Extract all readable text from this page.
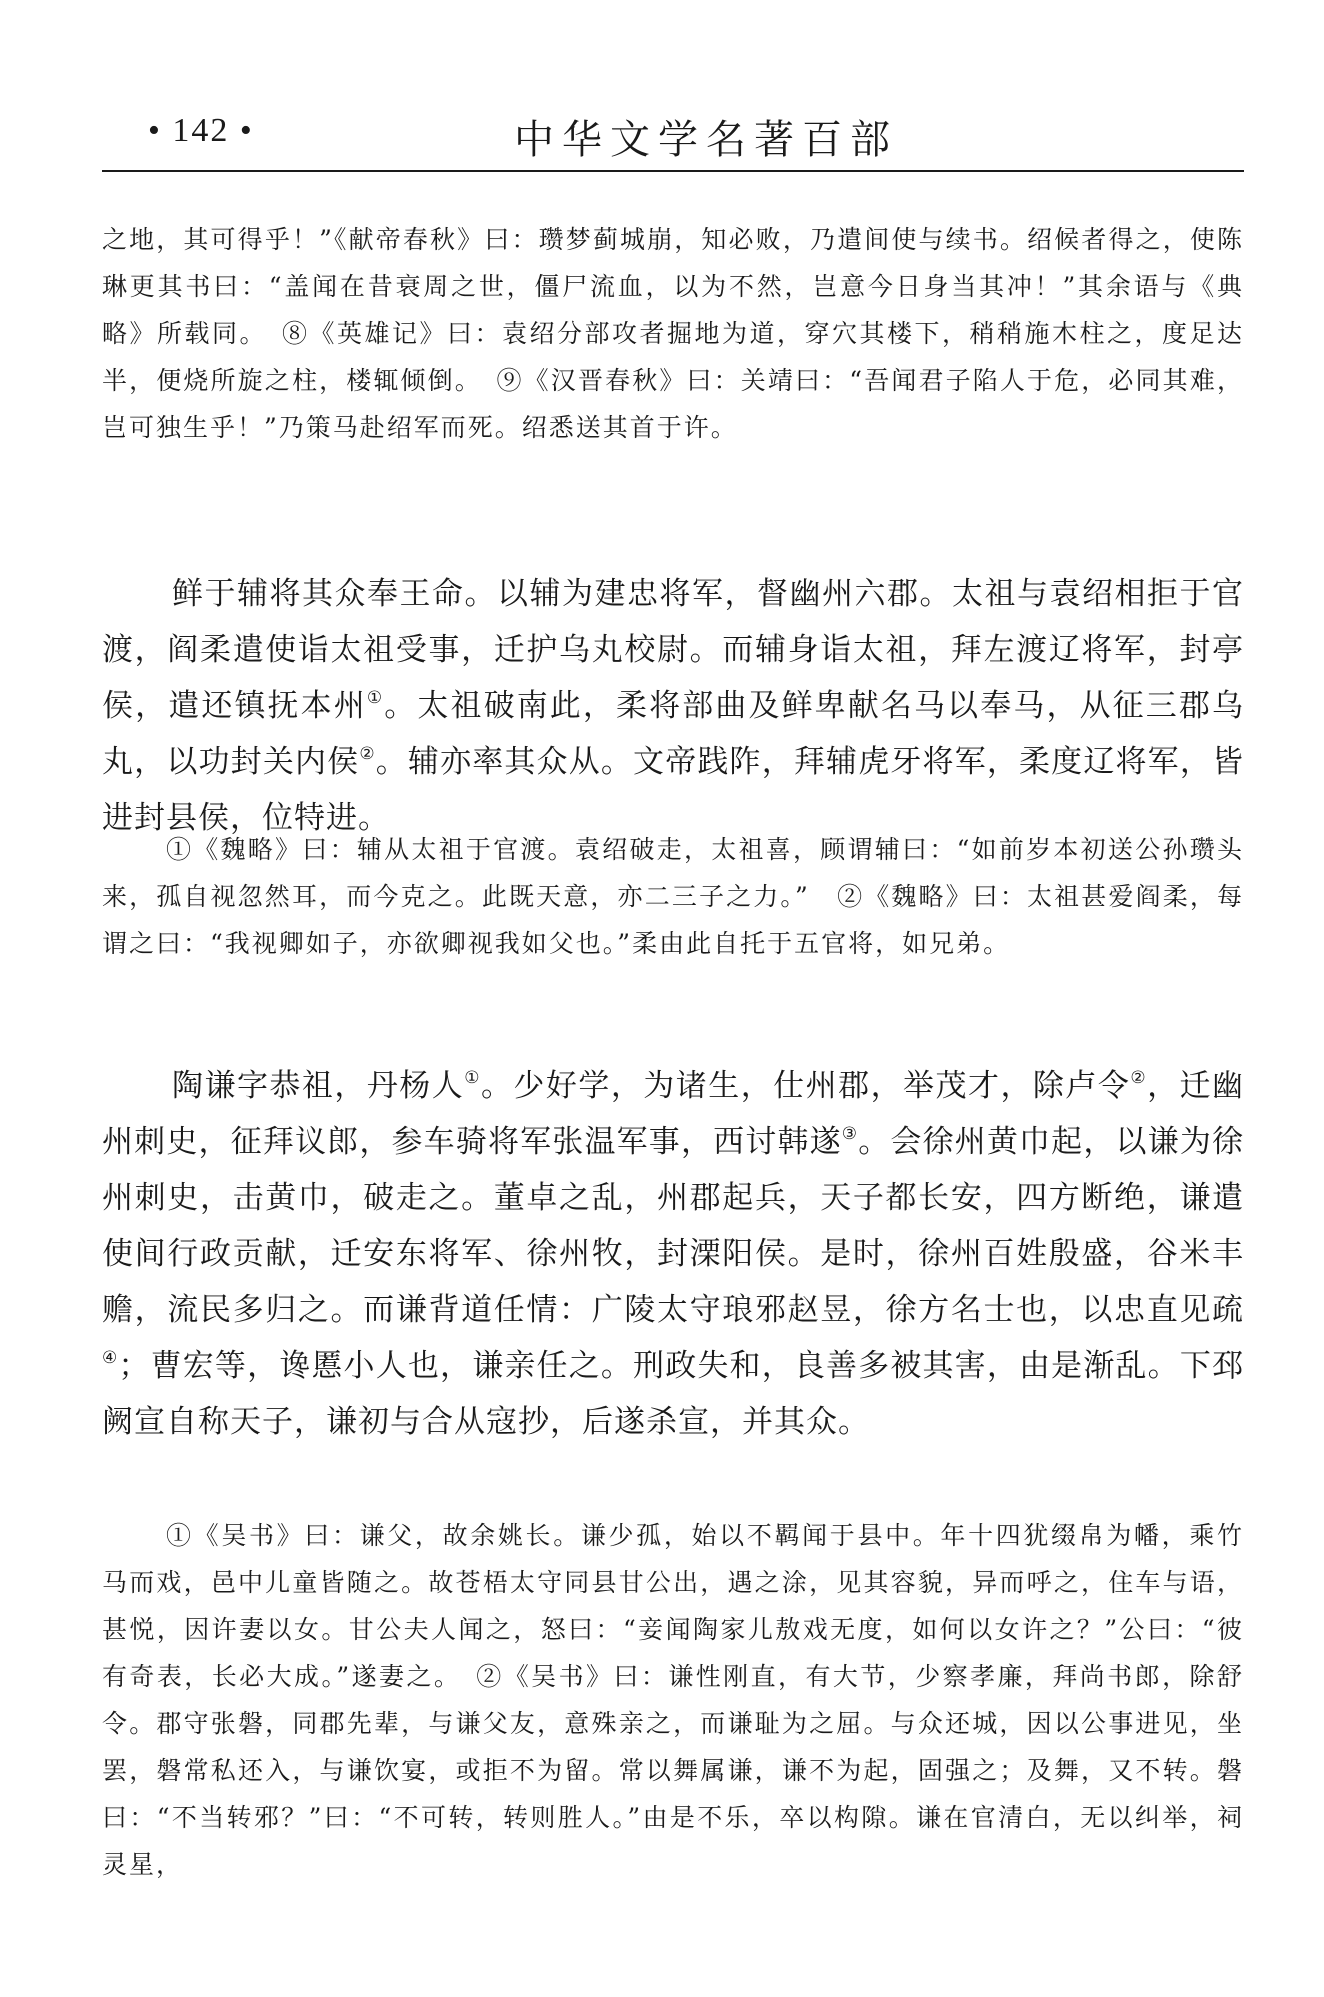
• 142 •	中华文学名著百部

之地，其可得乎！”《献帝春秋》曰：瓒梦蓟城崩，知必败，乃遣间使与续书。绍候者得之，使陈琳更其书曰：“盖闻在昔衰周之世，僵尸流血，以为不然，岂意今日身当其冲！”其余语与《典略》所载同。　 ⑧《英雄记》曰：袁绍分部攻者掘地为道，穿穴其楼下，稍稍施木柱之，度足达半，便烧所旋之柱，楼辄倾倒。　 ⑨《汉晋春秋》曰：关靖曰：“吾闻君子陷人于危，必同其难，岂可独生乎！”乃策马赴绍军而死。绍悉送其首于许。

鲜于辅将其众奉王命。以辅为建忠将军，督幽州六郡。太祖与袁绍相拒于官渡，阎柔遣使诣太祖受事，迁护乌丸校尉。而辅身诣太祖，拜左渡辽将军，封亭侯，遣还镇抚本州①。太祖破南此，柔将部曲及鲜卑献名马以奉马，从征三郡乌丸，以功封关内侯②。辅亦率其众从。文帝践阼，拜辅虎牙将军，柔度辽将军，皆进封县侯，位特进。

①《魏略》曰：辅从太祖于官渡。袁绍破走，太祖喜，顾谓辅曰：“如前岁本初送公孙瓒头来，孤自视忽然耳，而今克之。此既天意，亦二三子之力。”　 ②《魏略》曰：太祖甚爱阎柔，每谓之曰：“我视卿如子，亦欲卿视我如父也。”柔由此自托于五官将，如兄弟。

陶谦字恭祖，丹杨人①。少好学，为诸生，仕州郡，举茂才，除卢令②，迁幽州刺史，征拜议郎，参车骑将军张温军事，西讨韩遂③。会徐州黄巾起，以谦为徐州刺史，击黄巾，破走之。董卓之乱，州郡起兵，天子都长安，四方断绝，谦遣使间行政贡献，迁安东将军、徐州牧，封溧阳侯。是时，徐州百姓殷盛，谷米丰赡，流民多归之。而谦背道任情：广陵太守琅邪赵昱，徐方名士也，以忠直见疏④；曹宏等，谗慝小人也，谦亲任之。刑政失和，良善多被其害，由是渐乱。下邳阙宣自称天子，谦初与合从寇抄，后遂杀宣，并其众。

①《吴书》曰：谦父，故余姚长。谦少孤，始以不羁闻于县中。年十四犹缀帛为幡，乘竹马而戏，邑中儿童皆随之。故苍梧太守同县甘公出，遇之涂，见其容貌，异而呼之，住车与语，甚悦，因许妻以女。甘公夫人闻之，怒曰：“妾闻陶家儿敖戏无度，如何以女许之？”公曰：“彼有奇表，长必大成。”遂妻之。　 ②《吴书》曰：谦性刚直，有大节，少察孝廉，拜尚书郎，除舒令。郡守张磐，同郡先辈，与谦父友，意殊亲之，而谦耻为之屈。与众还城，因以公事进见，坐罢，磐常私还入，与谦饮宴，或拒不为留。常以舞属谦，谦不为起，固强之；及舞，又不转。磐曰：“不当转邪？”曰：“不可转，转则胜人。”由是不乐，卒以构隙。谦在官清白，无以纠举，祠灵星，
